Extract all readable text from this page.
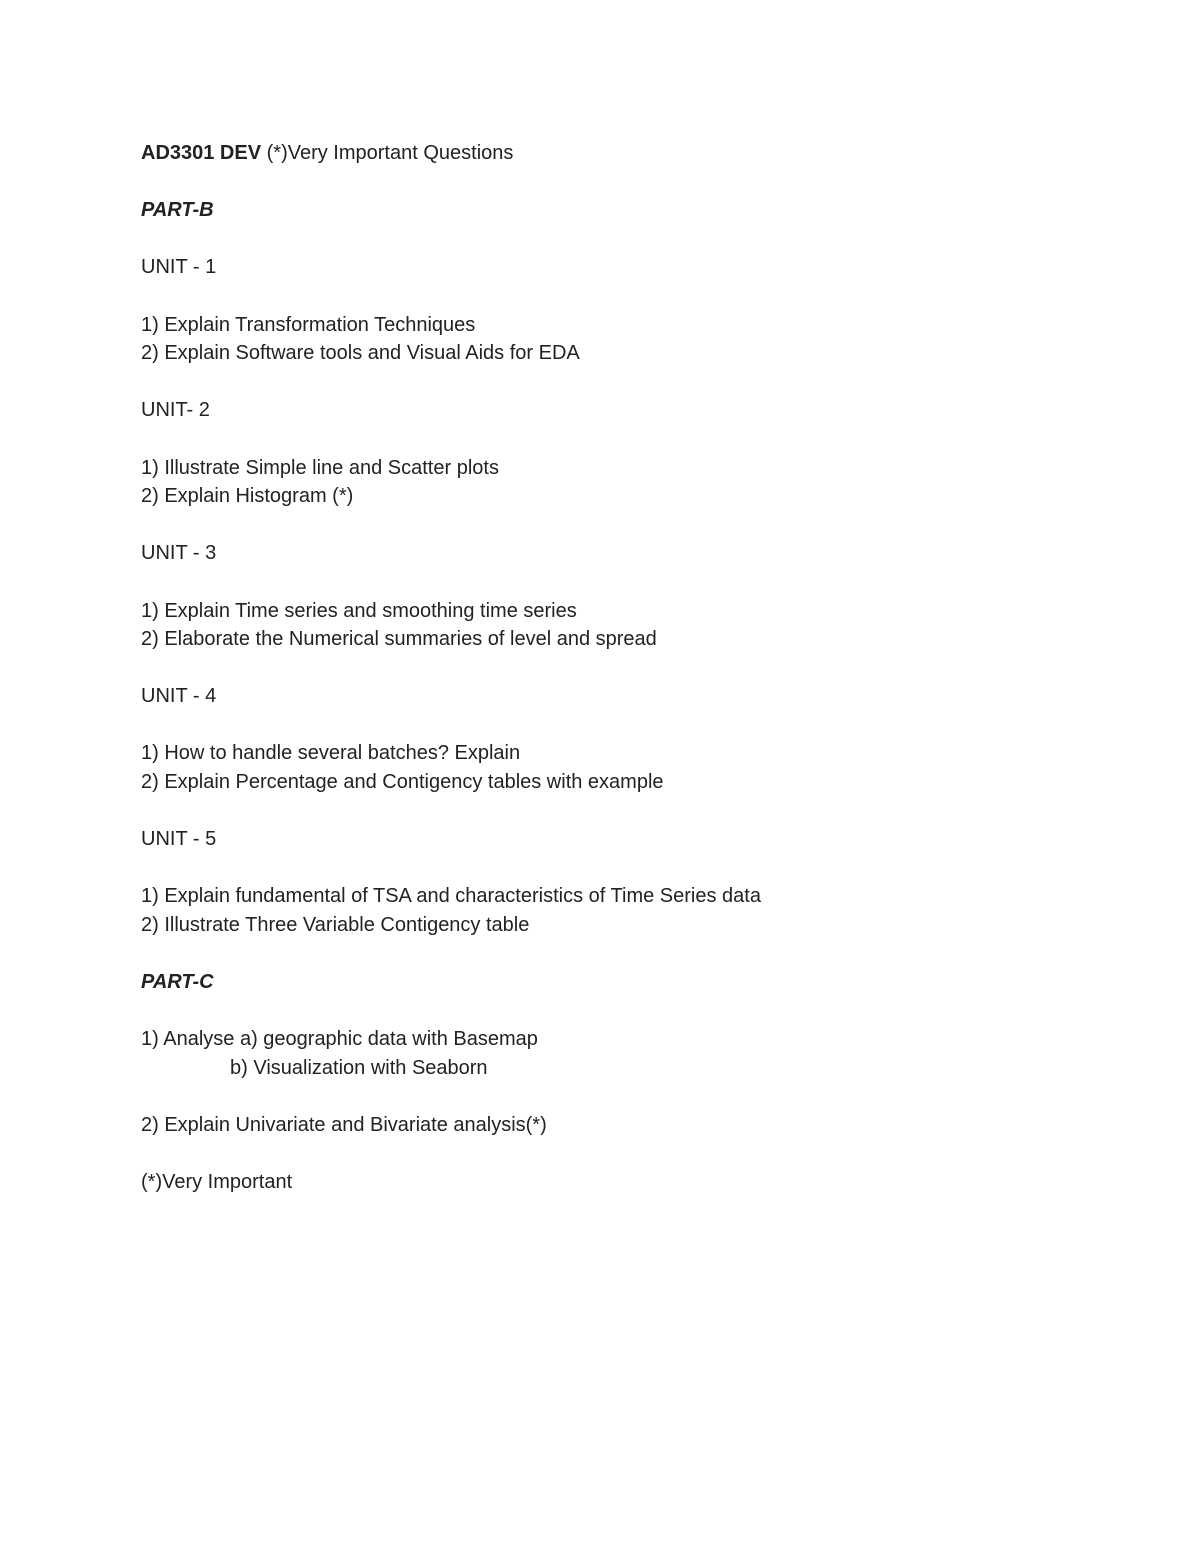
AD3301 DEV (*)Very Important Questions
PART-B
UNIT - 1
1) Explain Transformation Techniques
2) Explain Software tools and Visual Aids for EDA
UNIT- 2
1) Illustrate Simple line and Scatter plots
2) Explain Histogram (*)
UNIT - 3
1) Explain Time series and smoothing time series
2) Elaborate the Numerical summaries of level and spread
UNIT - 4
1) How to handle several batches? Explain
2) Explain Percentage and Contigency tables with example
UNIT - 5
1) Explain fundamental of TSA and characteristics of Time Series data
2) Illustrate Three Variable Contigency table
PART-C
1) Analyse a) geographic data with Basemap
b) Visualization with Seaborn
2) Explain Univariate and Bivariate analysis(*)
(*)Very Important
